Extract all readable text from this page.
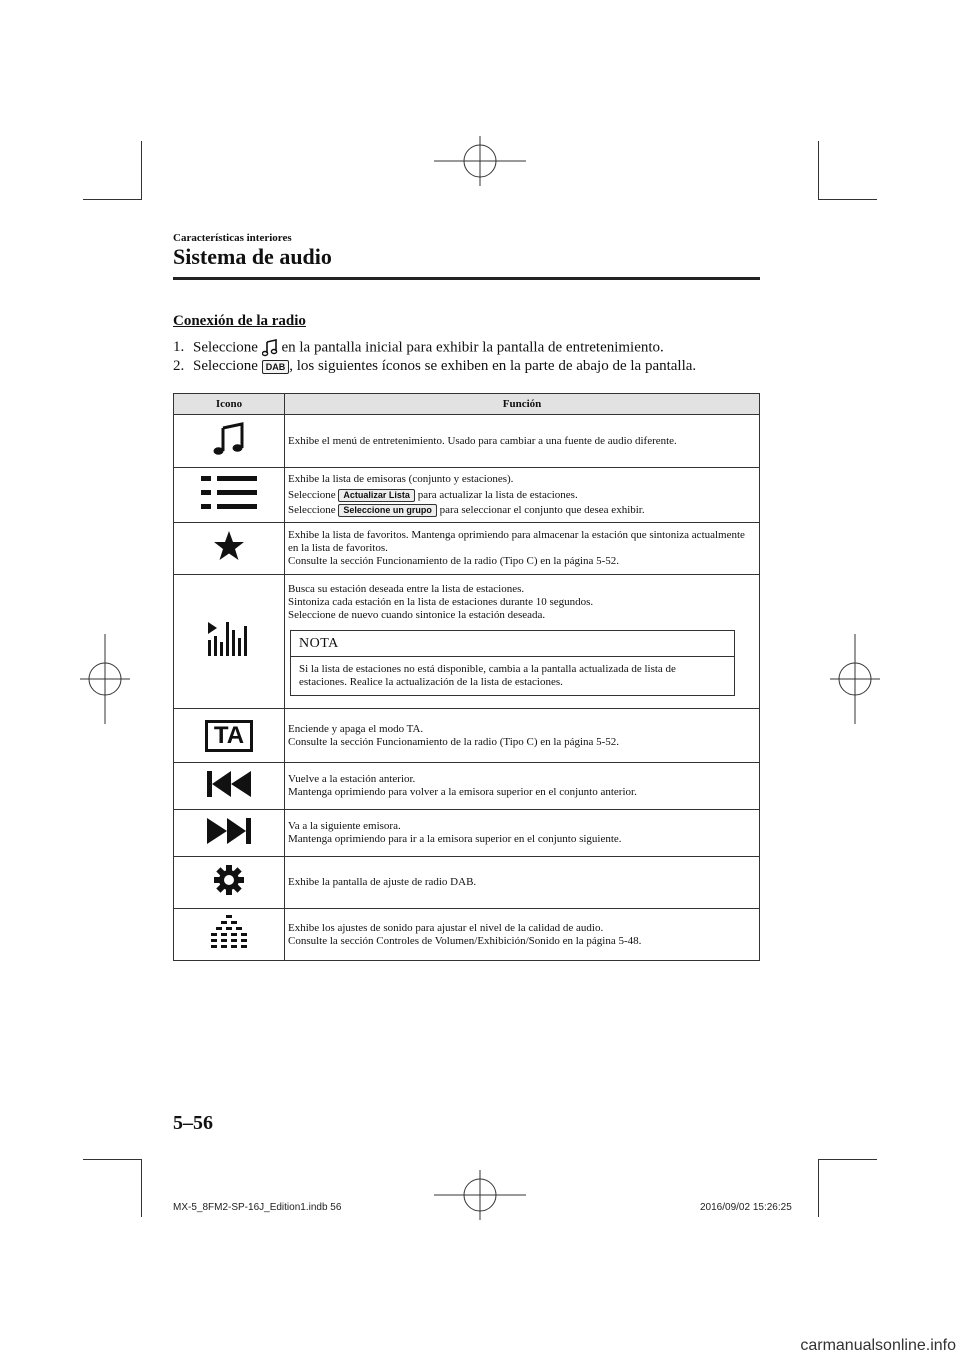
Características interiores
Sistema de audio
Conexión de la radio
1. Seleccione en la pantalla inicial para exhibir la pantalla de entretenimiento.
2. Seleccione DAB , los siguientes íconos se exhiben en la parte de abajo de la pantalla.
Icono	Función

Exhibe el menú de entretenimiento. Usado para cambiar a una fuente de audio diferente.

Exhibe la lista de emisoras (conjunto y estaciones).
Seleccione Actualizar Lista para actualizar la lista de estaciones.
Seleccione Seleccione un grupo para seleccionar el conjunto que desea exhibir.

Exhibe la lista de favoritos. Mantenga oprimiendo para almacenar la estación que sintoniza actualmente en la lista de favoritos.
Consulte la sección Funcionamiento de la radio (Tipo C) en la página 5-52.

Busca su estación deseada entre la lista de estaciones.
Sintoniza cada estación en la lista de estaciones durante 10 segundos.
Seleccione de nuevo cuando sintonice la estación deseada.
NOTA
Si la lista de estaciones no está disponible, cambia a la pantalla actualizada de lista de estaciones. Realice la actualización de la lista de estaciones.

TA	Enciende y apaga el modo TA.
Consulte la sección Funcionamiento de la radio (Tipo C) en la página 5-52.

Vuelve a la estación anterior.
Mantenga oprimiendo para volver a la emisora superior en el conjunto anterior.

Va a la siguiente emisora.
Mantenga oprimiendo para ir a la emisora superior en el conjunto siguiente.

Exhibe la pantalla de ajuste de radio DAB.

Exhibe los ajustes de sonido para ajustar el nivel de la calidad de audio.
Consulte la sección Controles de Volumen/Exhibición/Sonido en la página 5-48.
5–56
MX-5_8FM2-SP-16J_Edition1.indb 56	2016/09/02 15:26:25
carmanualsonline.info
